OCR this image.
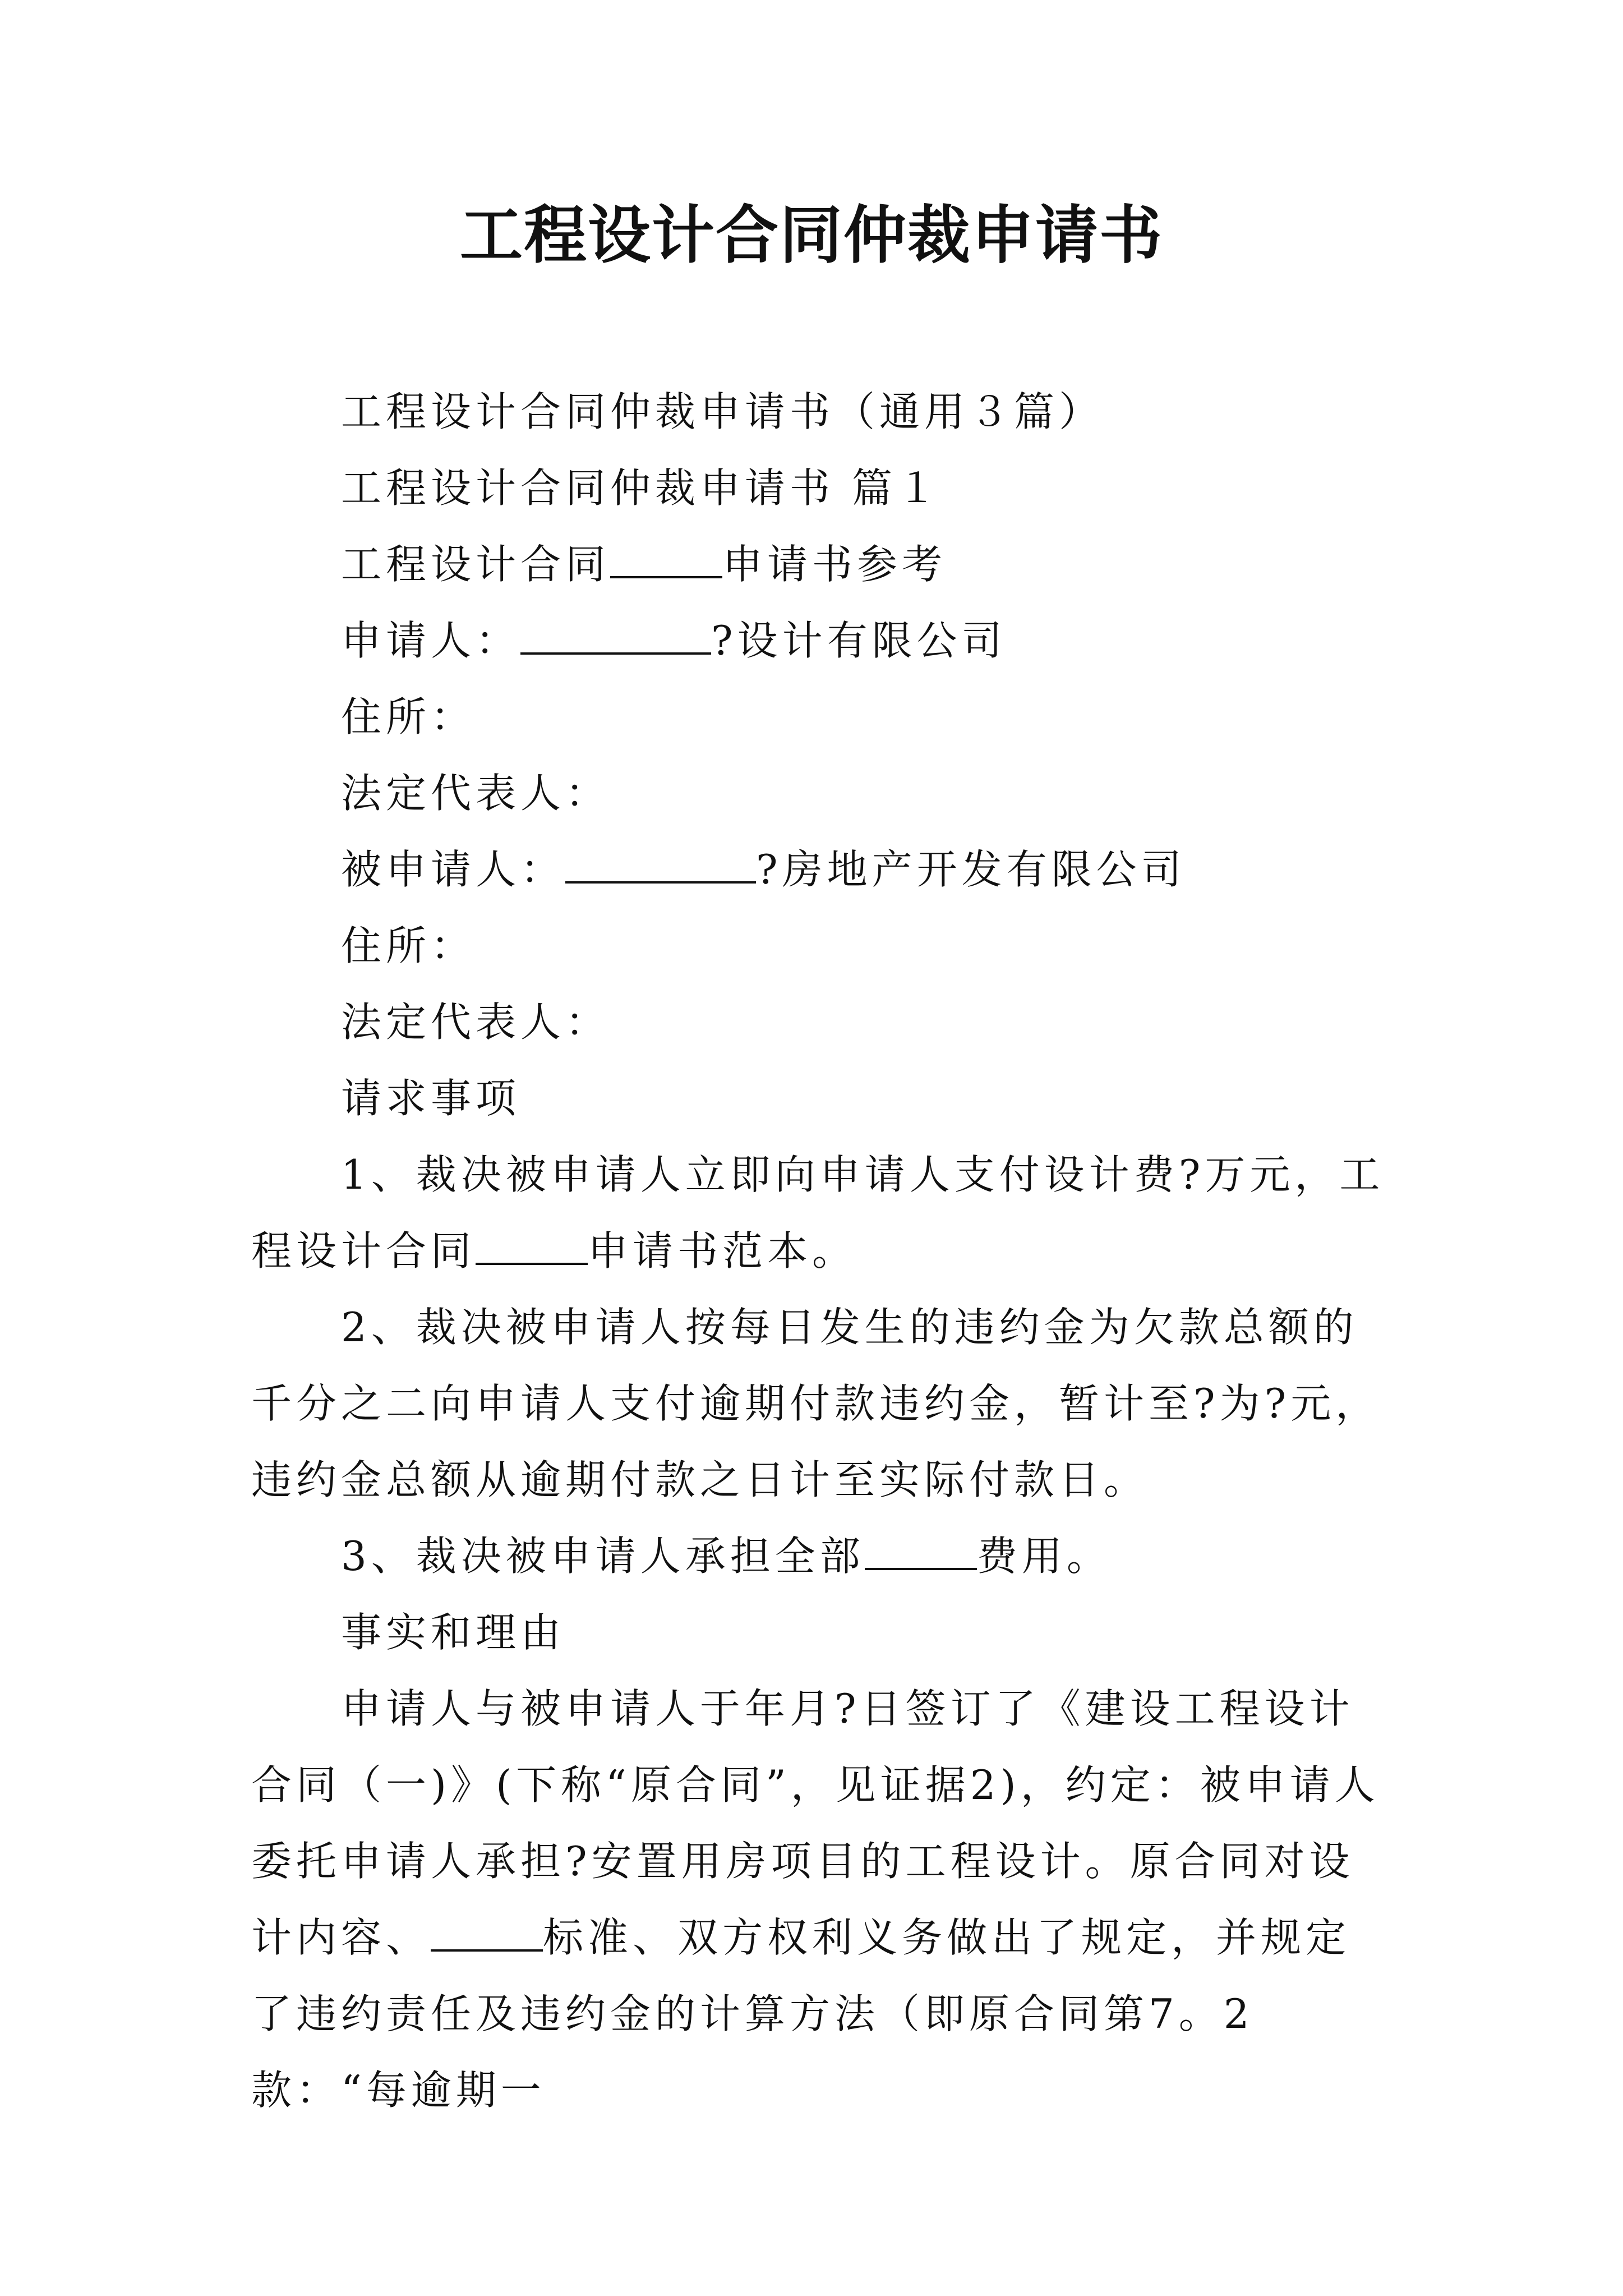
工程设计合同仲裁申请书

工程设计合同仲裁申请书（通用３篇）

工程设计合同仲裁申请书 篇１

工程设计合同	申请书参考

申请人：	?设计有限公司

住所：

法定代表人：

被申请人：	?房地产开发有限公司

住所：

法定代表人：

请求事项

1、裁决被申请人立即向申请人支付设计费?万元，工程设计合同	申请书范本。

2、裁决被申请人按每日发生的违约金为欠款总额的千分之二向申请人支付逾期付款违约金，暂计至?为?元，违约金总额从逾期付款之日计至实际付款日。

3、裁决被申请人承担全部	费用。

事实和理由

申请人与被申请人于年月?日签订了《建设工程设计合同（一)》(下称“原合同”，见证据2)，约定：被申请人委托申请人承担?安置用房项目的工程设计。原合同对设计内容、	标准、双方权利义务做出了规定，并规定了违约责任及违约金的计算方法（即原合同第7。2款：“每逾期一
